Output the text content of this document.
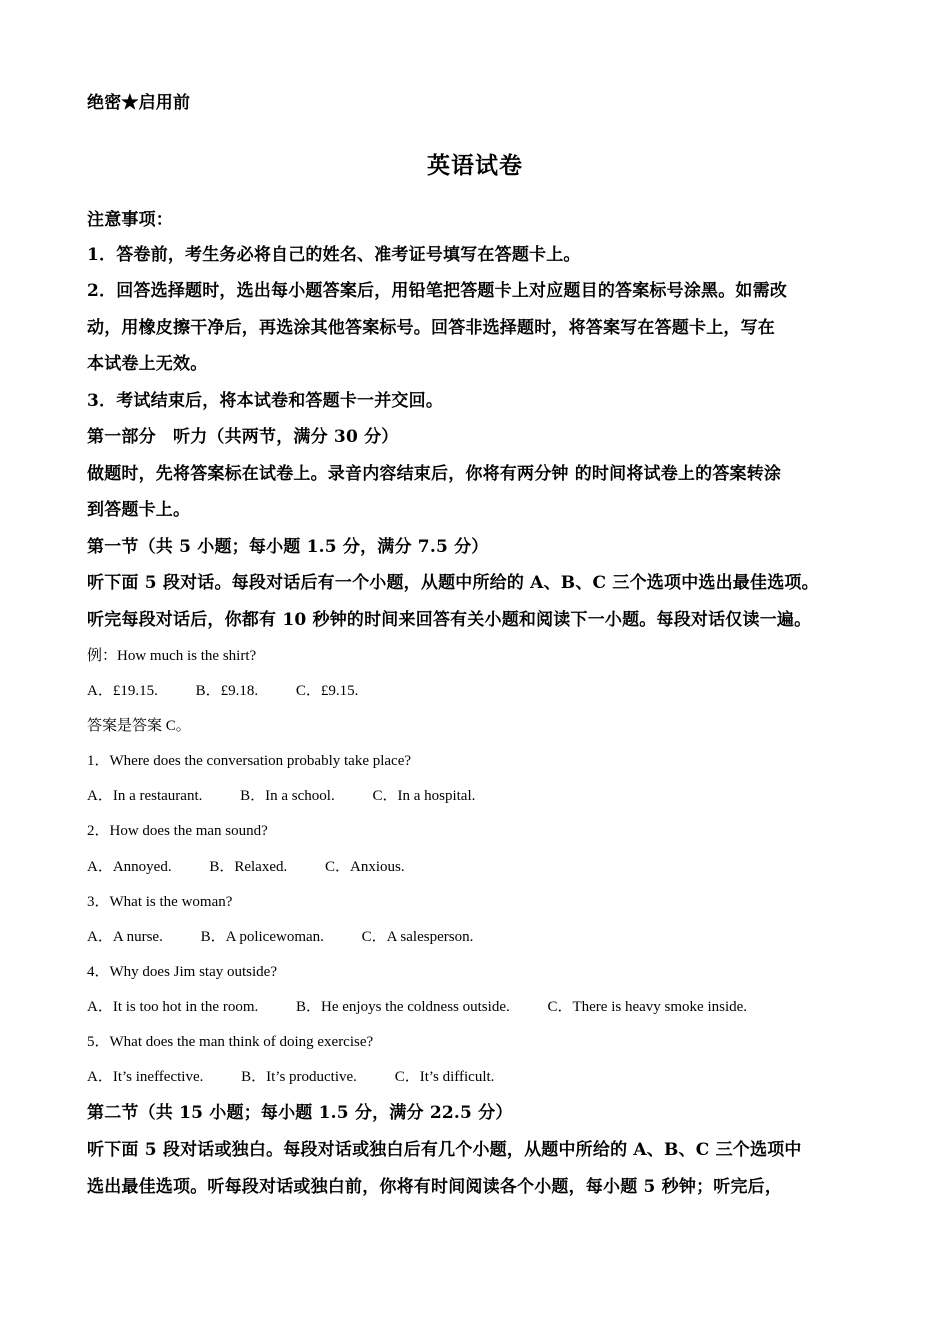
绝密★启用前
英语试卷
注意事项：
1．答卷前，考生务必将自己的姓名、准考证号填写在答题卡上。
2．回答选择题时，选出每小题答案后，用铅笔把答题卡上对应题目的答案标号涂黑。如需改
动，用橡皮擦干净后，再选涂其他答案标号。回答非选择题时，将答案写在答题卡上，写在
本试卷上无效。
3．考试结束后，将本试卷和答题卡一并交回。
第一部分　听力（共两节，满分 30 分）
做题时，先将答案标在试卷上。录音内容结束后，你将有两分钟 的时间将试卷上的答案转涂
到答题卡上。
第一节（共 5 小题；每小题 1.5 分，满分 7.5 分）
听下面 5 段对话。每段对话后有一个小题，从题中所给的 A、B、C 三个选项中选出最佳选项。
听完每段对话后，你都有 10 秒钟的时间来回答有关小题和阅读下一小题。每段对话仅读一遍。
例：How much is the shirt?
A．£19.15.	B．£9.18.	C．£9.15.
答案是答案 C。
1．Where does the conversation probably take place?
A．In a restaurant.	B．In a school.	C．In a hospital.
2．How does the man sound?
A．Annoyed.	B．Relaxed.	C．Anxious.
3．What is the woman?
A．A nurse.	B．A policewoman.	C．A salesperson.
4．Why does Jim stay outside?
A．It is too hot in the room.	B．He enjoys the coldness outside.	C．There is heavy smoke inside.
5．What does the man think of doing exercise?
A．It’s ineffective.	B．It’s productive.	C．It’s difficult.
第二节（共 15 小题；每小题 1.5 分，满分 22.5 分）
听下面 5 段对话或独白。每段对话或独白后有几个小题，从题中所给的 A、B、C 三个选项中
选出最佳选项。听每段对话或独白前，你将有时间阅读各个小题，每小题 5 秒钟；听完后，
